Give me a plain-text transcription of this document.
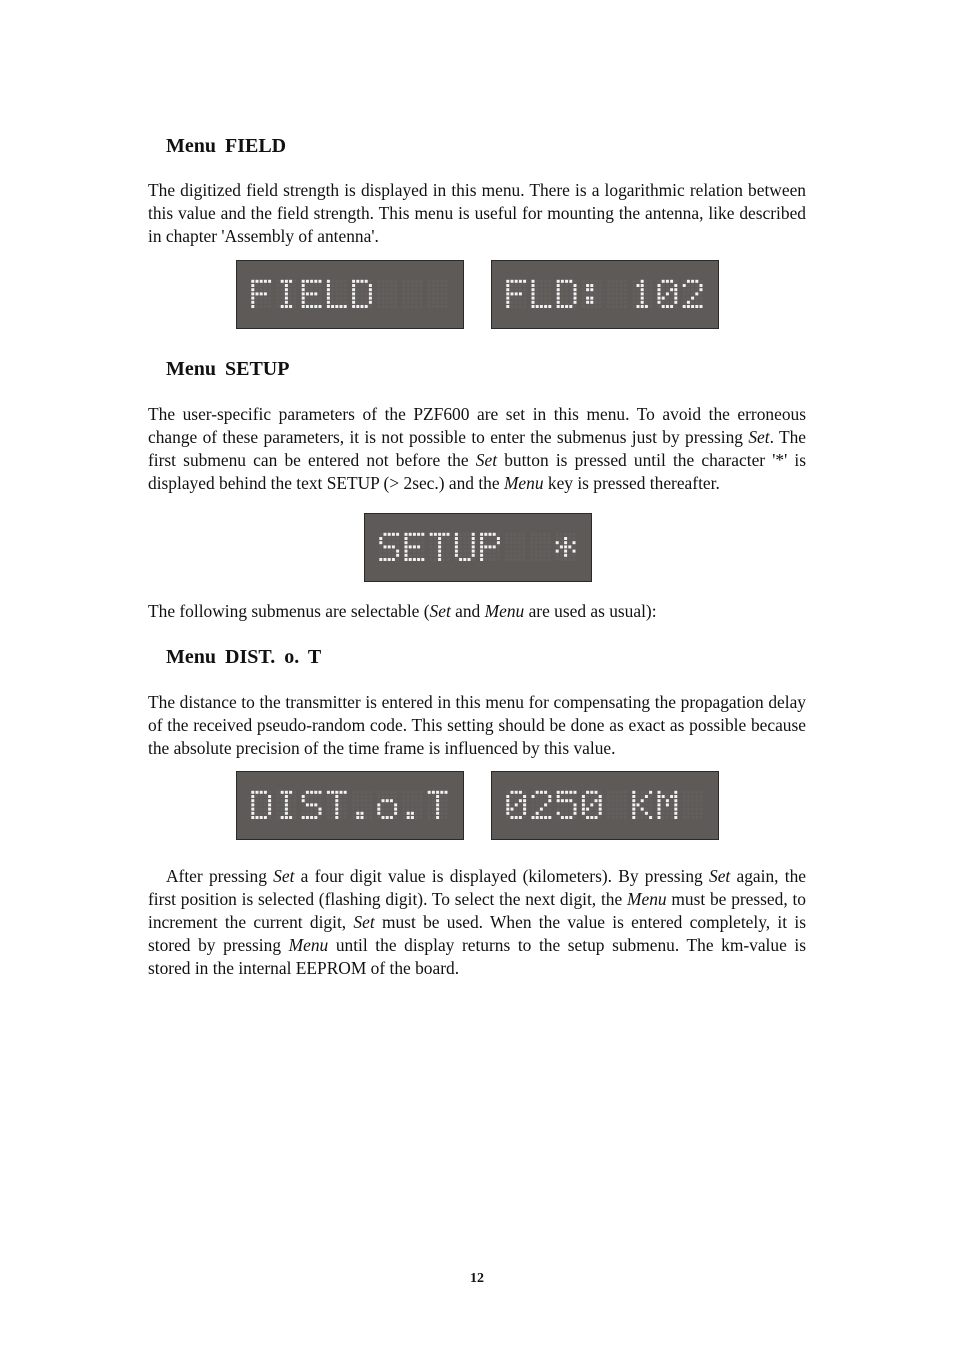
Menu FIELD

The digitized field strength is displayed in this menu. There is a logarithmic relation between this value and the field strength. This menu is useful for mounting the antenna, like described in chapter 'Assembly of antenna'.

Menu SETUP

The user-specific parameters of the PZF600 are set in this menu. To avoid the erroneous change of these parameters, it is not possible to enter the submenus just by pressing Set. The first submenu can be entered not before the Set button is pressed until the character '*' is displayed behind the text SETUP (> 2sec.) and the Menu key is pressed thereafter.

The following submenus are selectable (Set and Menu are used as usual):

Menu DIST. o. T

The distance to the transmitter is entered in this menu for compensating the propagation delay of the received pseudo-random code. This setting should be done as exact as possible because the absolute precision of the time frame is influenced by this value.

After pressing Set a four digit value is displayed (kilometers). By pressing Set again, the first position is selected (flashing digit). To select the next digit, the Menu must be pressed, to increment the current digit, Set must be used. When the value is entered completely, it is stored by pressing Menu until the display returns to the setup submenu. The km-value is stored in the internal EEPROM of the board.

12
